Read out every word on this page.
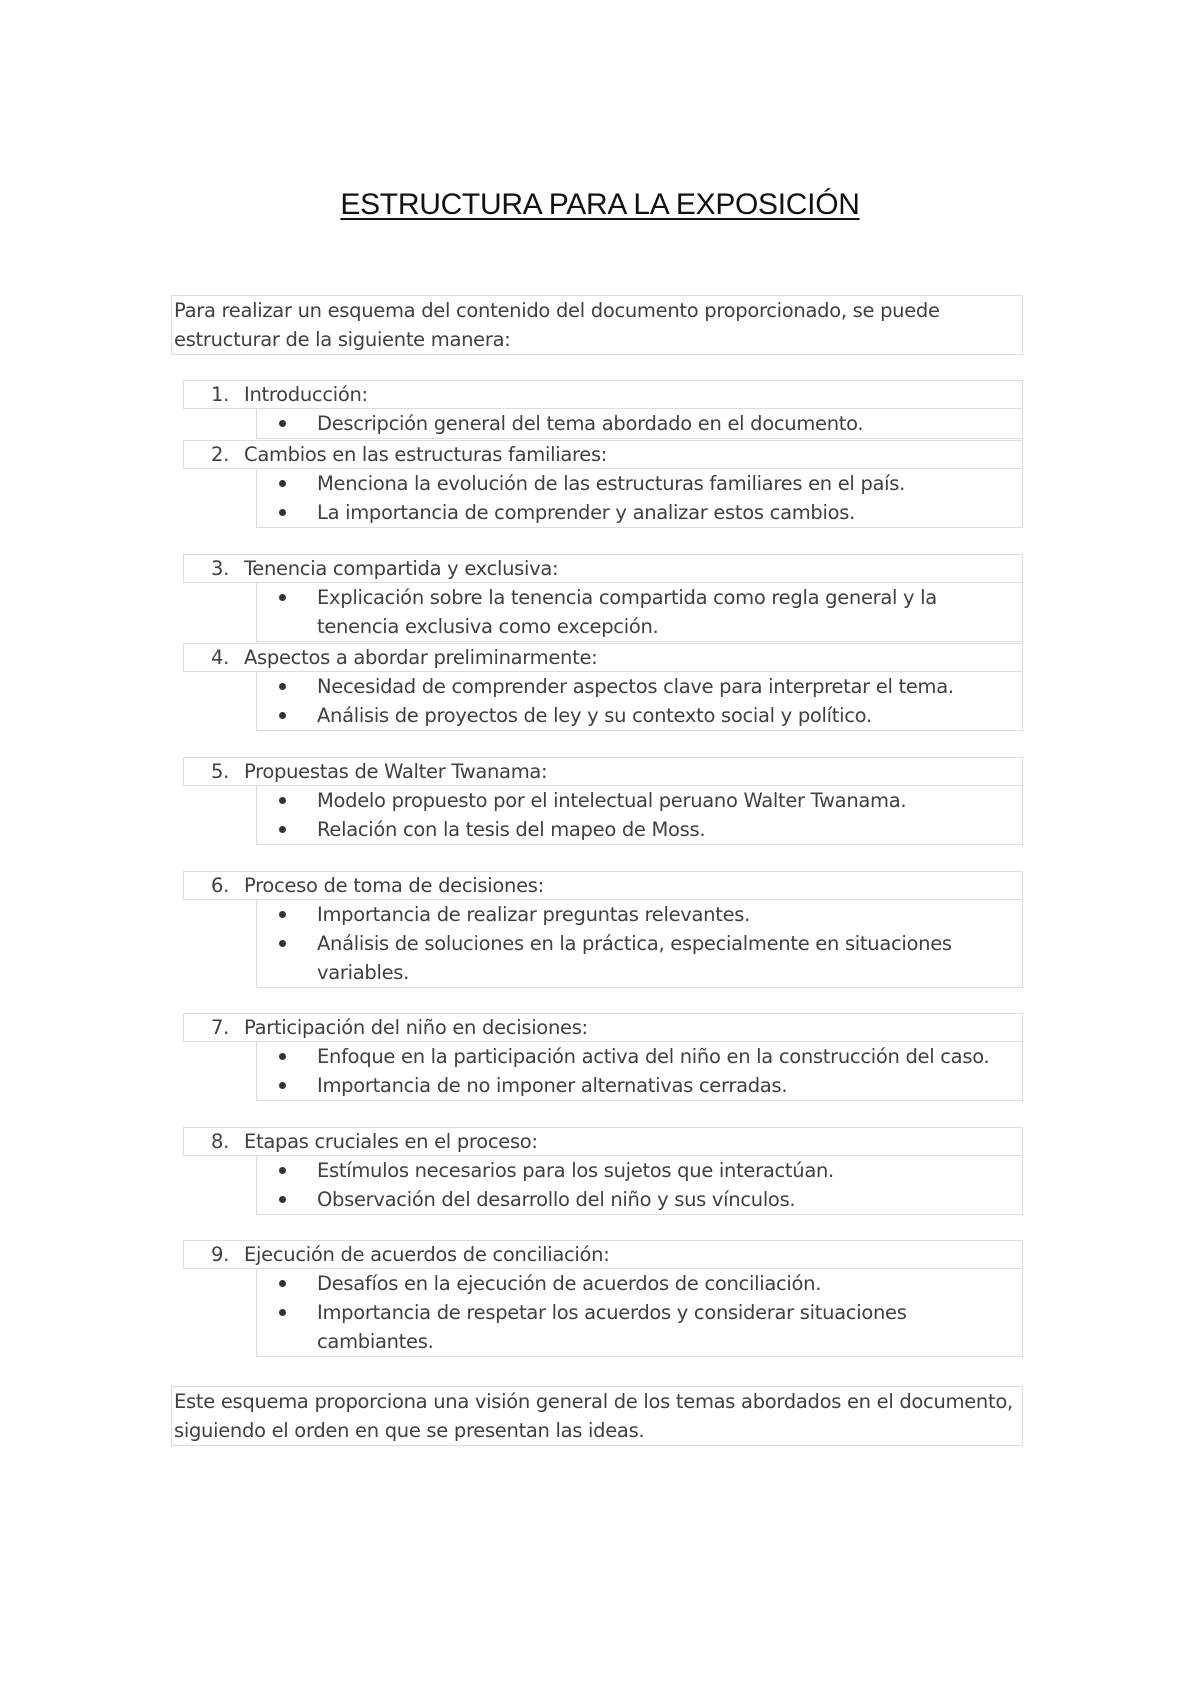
ESTRUCTURA PARA LA EXPOSICIÓN
Para realizar un esquema del contenido del documento proporcionado, se puede estructurar de la siguiente manera:
1. Introducción:
Descripción general del tema abordado en el documento.
2. Cambios en las estructuras familiares:
Menciona la evolución de las estructuras familiares en el país.
La importancia de comprender y analizar estos cambios.
3. Tenencia compartida y exclusiva:
Explicación sobre la tenencia compartida como regla general y la tenencia exclusiva como excepción.
4. Aspectos a abordar preliminarmente:
Necesidad de comprender aspectos clave para interpretar el tema.
Análisis de proyectos de ley y su contexto social y político.
5. Propuestas de Walter Twanama:
Modelo propuesto por el intelectual peruano Walter Twanama.
Relación con la tesis del mapeo de Moss.
6. Proceso de toma de decisiones:
Importancia de realizar preguntas relevantes.
Análisis de soluciones en la práctica, especialmente en situaciones variables.
7. Participación del niño en decisiones:
Enfoque en la participación activa del niño en la construcción del caso.
Importancia de no imponer alternativas cerradas.
8. Etapas cruciales en el proceso:
Estímulos necesarios para los sujetos que interactúan.
Observación del desarrollo del niño y sus vínculos.
9. Ejecución de acuerdos de conciliación:
Desafíos en la ejecución de acuerdos de conciliación.
Importancia de respetar los acuerdos y considerar situaciones cambiantes.
Este esquema proporciona una visión general de los temas abordados en el documento, siguiendo el orden en que se presentan las ideas.
